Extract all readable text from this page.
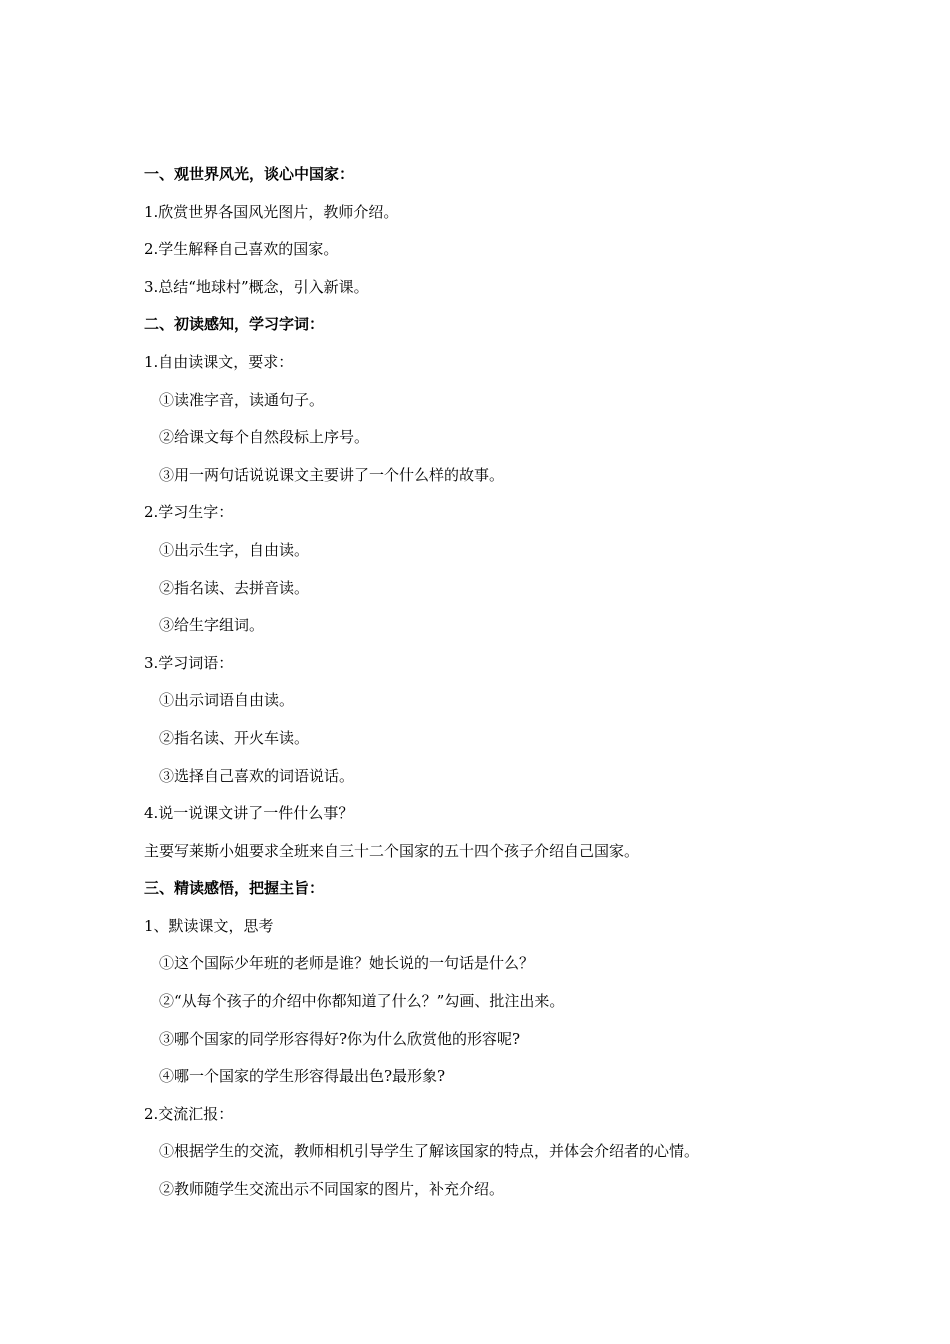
一、观世界风光，谈心中国家：
1.欣赏世界各国风光图片，教师介绍。
2.学生解释自己喜欢的国家。
3.总结“地球村”概念，引入新课。
二、初读感知，学习字词：
1.自由读课文，要求：
①读准字音，读通句子。
②给课文每个自然段标上序号。
③用一两句话说说课文主要讲了一个什么样的故事。
2.学习生字：
①出示生字，自由读。
②指名读、去拼音读。
③给生字组词。
3.学习词语：
①出示词语自由读。
②指名读、开火车读。
③选择自己喜欢的词语说话。
4.说一说课文讲了一件什么事？
主要写莱斯小姐要求全班来自三十二个国家的五十四个孩子介绍自己国家。
三、精读感悟，把握主旨：
1、默读课文，思考
①这个国际少年班的老师是谁？她长说的一句话是什么？
②“从每个孩子的介绍中你都知道了什么？”勾画、批注出来。
③哪个国家的同学形容得好?你为什么欣赏他的形容呢?
④哪一个国家的学生形容得最出色?最形象?
2.交流汇报：
①根据学生的交流，教师相机引导学生了解该国家的特点，并体会介绍者的心情。
②教师随学生交流出示不同国家的图片，补充介绍。
